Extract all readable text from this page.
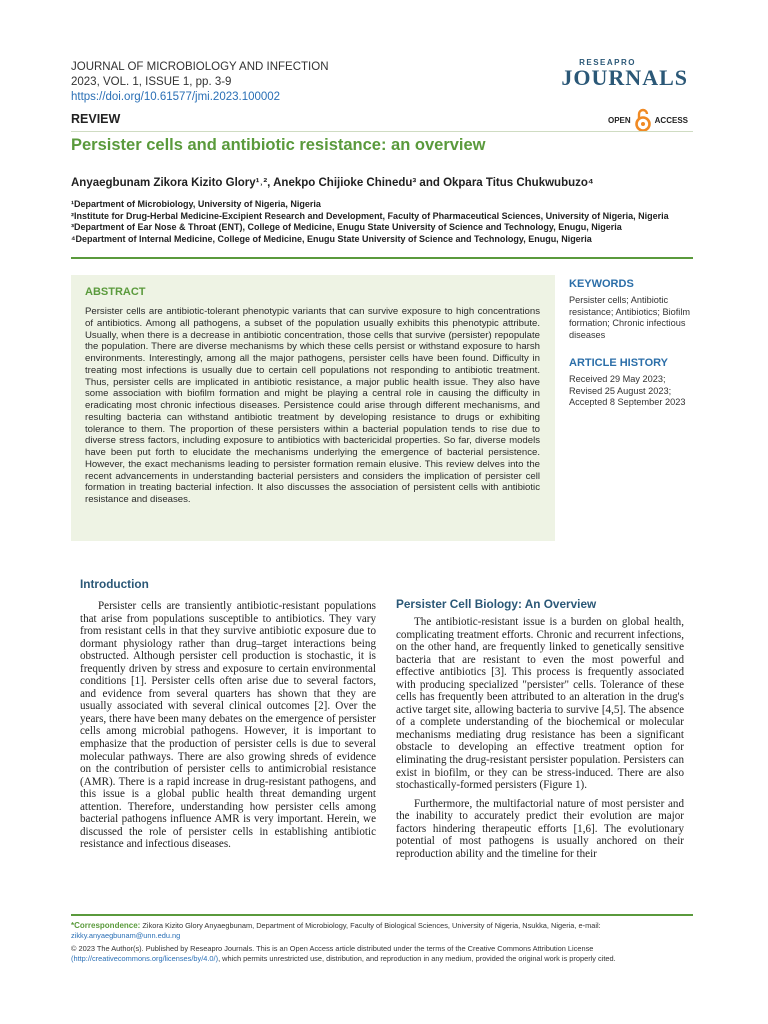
JOURNAL OF MICROBIOLOGY AND INFECTION
2023, VOL. 1, ISSUE 1, pp. 3-9
https://doi.org/10.61577/jmi.2023.100002
RESEAPRO
JOURNALS
REVIEW	OPEN	ACCESS
Persister cells and antibiotic resistance: an overview
Anyaegbunam Zikora Kizito Glory¹˒², Anekpo Chijioke Chinedu³ and Okpara Titus Chukwubuzo⁴
¹Department of Microbiology, University of Nigeria, Nigeria
²Institute for Drug-Herbal Medicine-Excipient Research and Development, Faculty of Pharmaceutical Sciences, University of Nigeria, Nigeria
³Department of Ear Nose & Throat (ENT), College of Medicine, Enugu State University of Science and Technology, Enugu, Nigeria
⁴Department of Internal Medicine, College of Medicine, Enugu State University of Science and Technology, Enugu, Nigeria
ABSTRACT
Persister cells are antibiotic-tolerant phenotypic variants that can survive exposure to high concentrations of antibiotics. Among all pathogens, a subset of the population usually exhibits this phenotypic attribute. Usually, when there is a decrease in antibiotic concentration, those cells that survive (persister) repopulate the population. There are diverse mechanisms by which these cells persist or withstand exposure to harsh environments. Interestingly, among all the major pathogens, persister cells have been found. Difficulty in treating most infections is usually due to certain cell populations not responding to antibiotic treatment. Thus, persister cells are implicated in antibiotic resistance, a major public health issue. They also have some association with biofilm formation and might be playing a central role in causing the difficulty in eradicating most chronic infectious diseases. Persistence could arise through different mechanisms, and resulting bacteria can withstand antibiotic treatment by developing resistance to drugs or exhibiting tolerance to them. The proportion of these persisters within a bacterial population tends to rise due to diverse stress factors, including exposure to antibiotics with bactericidal properties. So far, diverse models have been put forth to elucidate the mechanisms underlying the emergence of bacterial persistence. However, the exact mechanisms leading to persister formation remain elusive. This review delves into the recent advancements in understanding bacterial persisters and considers the implication of persister cell formation in treating bacterial infection. It also discusses the association of persistent cells with antibiotic resistance and diseases.
KEYWORDS
Persister cells; Antibiotic resistance; Antibiotics; Biofilm formation; Chronic infectious diseases
ARTICLE HISTORY
Received 29 May 2023; Revised 25 August 2023; Accepted 8 September 2023
Introduction

Persister cells are transiently antibiotic-resistant populations that arise from populations susceptible to antibiotics. They vary from resistant cells in that they survive antibiotic exposure due to dormant physiology rather than drug–target interactions being obstructed. Although persister cell production is stochastic, it is frequently driven by stress and exposure to certain environmental conditions [1]. Persister cells often arise due to several factors, and evidence from several quarters has shown that they are usually associated with several clinical outcomes [2]. Over the years, there have been many debates on the emergence of persister cells among microbial pathogens. However, it is important to emphasize that the production of persister cells is due to several molecular pathways. There are also growing shreds of evidence on the contribution of persister cells to antimicrobial resistance (AMR). There is a rapid increase in drug-resistant pathogens, and this issue is a global public health threat demanding urgent attention. Therefore, understanding how persister cells among bacterial pathogens influence AMR is very important. Herein, we discussed the role of persister cells in establishing antibiotic resistance and infectious diseases.

Persister Cell Biology: An Overview

The antibiotic-resistant issue is a burden on global health, complicating treatment efforts. Chronic and recurrent infections, on the other hand, are frequently linked to genetically sensitive bacteria that are resistant to even the most powerful and effective antibiotics [3]. This process is frequently associated with producing specialized "persister" cells. Tolerance of these cells has frequently been attributed to an alteration in the drug's active target site, allowing bacteria to survive [4,5]. The absence of a complete understanding of the biochemical or molecular mechanisms mediating drug resistance has been a significant obstacle to developing an effective treatment option for eliminating the drug-resistant persister population. Persisters can exist in biofilm, or they can be stress-induced. There are also stochastically-formed persisters (Figure 1).

Furthermore, the multifactorial nature of most persister and the inability to accurately predict their evolution are major factors hindering therapeutic efforts [1,6]. The evolutionary potential of most pathogens is usually anchored on their reproduction ability and the timeline for their

*Correspondence: Zikora Kizito Glory Anyaegbunam, Department of Microbiology, Faculty of Biological Sciences, University of Nigeria, Nsukka, Nigeria, e-mail:
zikky.anyaegbunam@unn.edu.ng
© 2023 The Author(s). Published by Reseapro Journals. This is an Open Access article distributed under the terms of the Creative Commons Attribution License
(http://creativecommons.org/licenses/by/4.0/), which permits unrestricted use, distribution, and reproduction in any medium, provided the original work is properly cited.
